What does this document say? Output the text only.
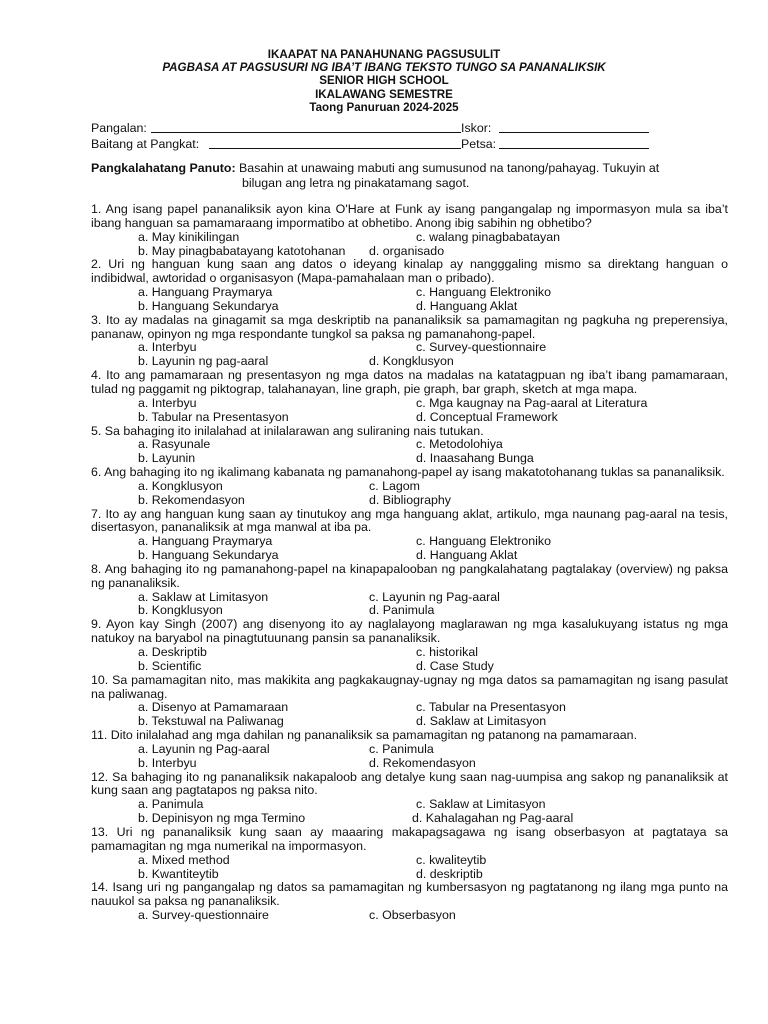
IKAAPAT NA PANAHUNANG PAGSUSULIT
PAGBASA AT PAGSUSURI NG IBA’T IBANG TEKSTO TUNGO SA PANANALIKSIK
SENIOR HIGH SCHOOL
IKALAWANG SEMESTRE
Taong Panuruan 2024-2025
Pangalan:	Iskor:
Baitang at Pangkat:	Petsa:
Pangkalahatang Panuto: Basahin at unawaing mabuti ang sumusunod na tanong/pahayag. Tukuyin at
bilugan ang letra ng pinakatamang sagot.

1. Ang isang papel pananaliksik ayon kina O'Hare at Funk ay isang pangangalap ng impormasyon mula sa iba’t ibang hanguan sa pamamaraang impormatibo at obhetibo. Anong ibig sabihin ng obhetibo?

a. May kinikilingan	c. walang pinagbabatayan
b. May pinagbabatayang katotohanan d. organisado

2. Uri ng hanguan kung saan ang datos o ideyang kinalap ay nangggaling mismo sa direktang hanguan o indibidwal, awtoridad o organisasyon (Mapa-pamahalaan man o pribado).

a. Hanguang Praymarya	c. Hanguang Elektroniko
b. Hanguang Sekundarya	d. Hanguang Aklat

3. Ito ay madalas na ginagamit sa mga deskriptib na pananaliksik sa pamamagitan ng pagkuha ng preperensiya, pananaw, opinyon ng mga respondante tungkol sa paksa ng pamanahong-papel.

a. Interbyu	c. Survey-questionnaire
b. Layunin ng pag-aaral	d. Kongklusyon

4. Ito ang pamamaraan ng presentasyon ng mga datos na madalas na katatagpuan ng iba’t ibang pamamaraan, tulad ng paggamit ng piktograp, talahanayan, line graph, pie graph, bar graph, sketch at mga mapa.

a. Interbyu	c. Mga kaugnay na Pag-aaral at Literatura
b. Tabular na Presentasyon	d. Conceptual Framework

5. Sa bahaging ito inilalahad at inilalarawan ang suliraning nais tutukan.

a. Rasyunale	c. Metodolohiya
b. Layunin	d. Inaasahang Bunga

6. Ang bahaging ito ng ikalimang kabanata ng pamanahong-papel ay isang makatotohanang tuklas sa pananaliksik.

a. Kongklusyon	c. Lagom
b. Rekomendasyon	d. Bibliography

7. Ito ay ang hanguan kung saan ay tinutukoy ang mga hanguang aklat, artikulo, mga naunang pag-aaral na tesis, disertasyon, pananaliksik at mga manwal at iba pa.

a. Hanguang Praymarya	c. Hanguang Elektroniko
b. Hanguang Sekundarya	d. Hanguang Aklat

8. Ang bahaging ito ng pamanahong-papel na kinapapalooban ng pangkalahatang pagtalakay (overview) ng paksa ng pananaliksik.

a. Saklaw at Limitasyon	c. Layunin ng Pag-aaral
b. Kongklusyon	d. Panimula

9. Ayon kay Singh (2007) ang disenyong ito ay naglalayong maglarawan ng mga kasalukuyang istatus ng mga natukoy na baryabol na pinagtutuunang pansin sa pananaliksik.

a. Deskriptib	c. historikal
b. Scientific	d. Case Study

10. Sa pamamagitan nito, mas makikita ang pagkakaugnay-ugnay ng mga datos sa pamamagitan ng isang pasulat na paliwanag.

a. Disenyo at Pamamaraan	c. Tabular na Presentasyon
b. Tekstuwal na Paliwanag	d. Saklaw at Limitasyon

11. Dito inilalahad ang mga dahilan ng pananaliksik sa pamamagitan ng patanong na pamamaraan.

a. Layunin ng Pag-aaral	c. Panimula
b. Interbyu	d. Rekomendasyon

12. Sa bahaging ito ng pananaliksik nakapaloob ang detalye kung saan nag-uumpisa ang sakop ng pananaliksik at kung saan ang pagtatapos ng paksa nito.

a. Panimula	c. Saklaw at Limitasyon
b. Depinisyon ng mga Termino	d. Kahalagahan ng Pag-aaral

13. Uri ng pananaliksik kung saan ay maaaring makapagsagawa ng isang obserbasyon at pagtataya sa pamamagitan ng mga numerikal na impormasyon.

a. Mixed method	c. kwaliteytib
b. Kwantiteytib	d. deskriptib

14. Isang uri ng pangangalap ng datos sa pamamagitan ng kumbersasyon ng pagtatanong ng ilang mga punto na nauukol sa paksa ng pananaliksik.

a. Survey-questionnaire	c. Obserbasyon
